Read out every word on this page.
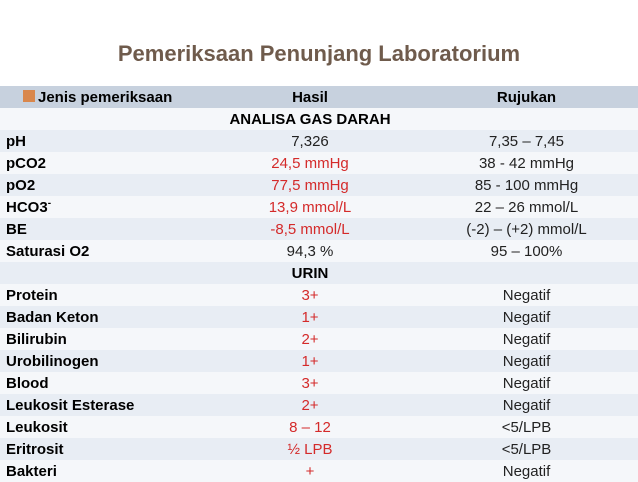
Pemeriksaan Penunjang Laboratorium
Jenis pemeriksaan	Hasil	Rujukan
	ANALISA GAS DARAH	
pH	7,326	7,35 – 7,45
pCO2	24,5 mmHg	38 - 42 mmHg
pO2	77,5 mmHg	85 - 100 mmHg
HCO3-	13,9 mmol/L	22 – 26 mmol/L
BE	-8,5 mmol/L	(-2) – (+2) mmol/L
Saturasi O2	94,3 %	95 – 100%
	URIN	
Protein	3+	Negatif
Badan Keton	1+	Negatif
Bilirubin	2+	Negatif
Urobilinogen	1+	Negatif
Blood	3+	Negatif
Leukosit Esterase	2+	Negatif
Leukosit	8 – 12	<5/LPB
Eritrosit	½ LPB	<5/LPB
Bakteri	+	Negatif
